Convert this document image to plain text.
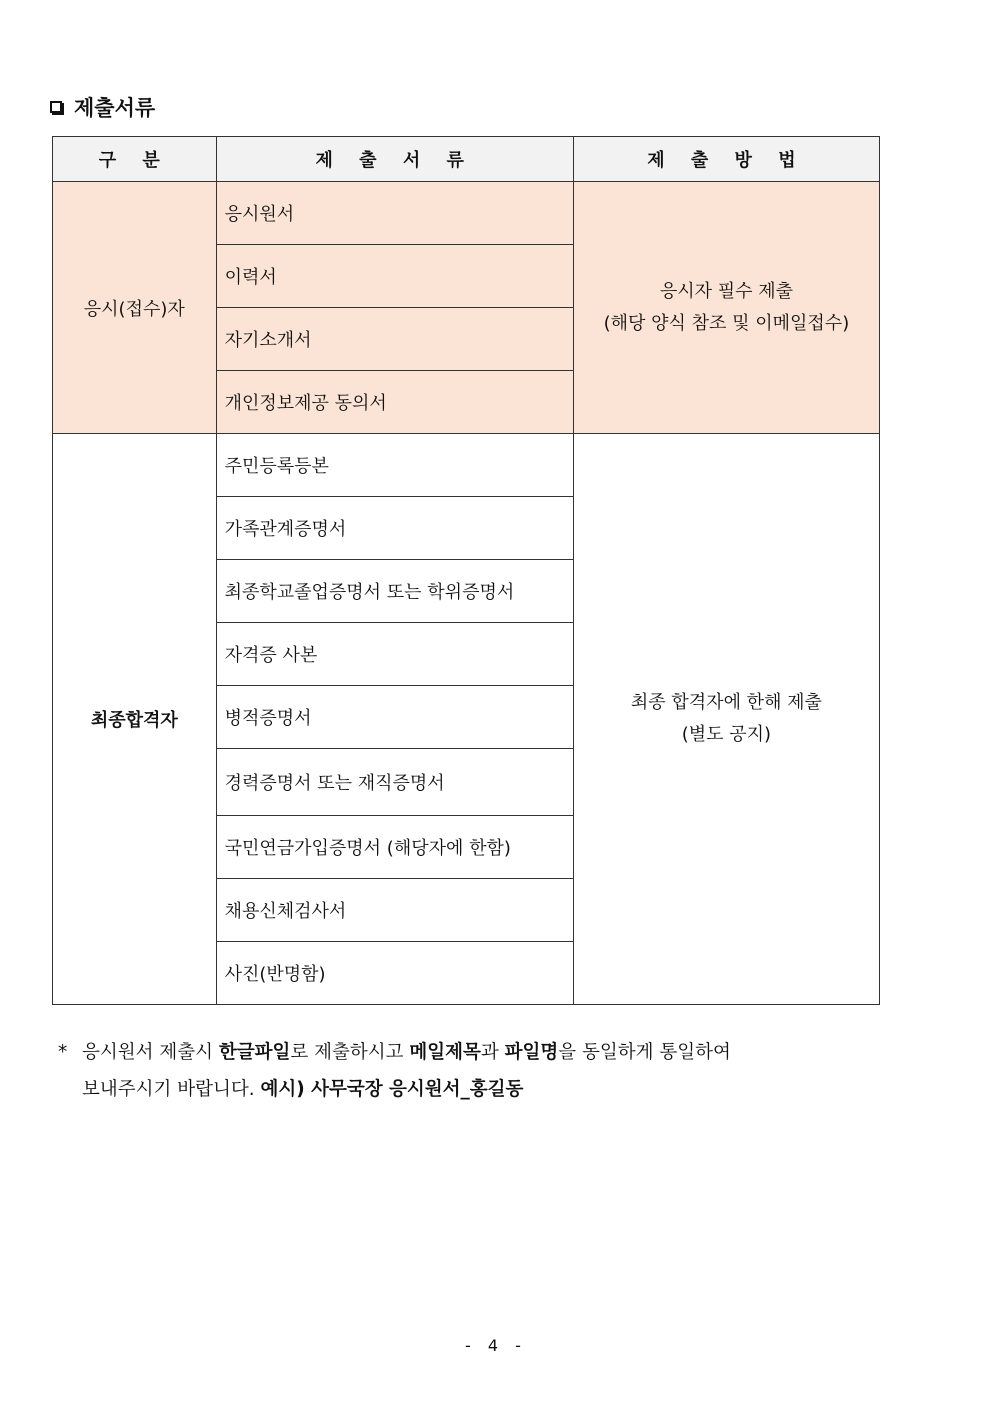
제출서류
구 분	제 출 서 류	제 출 방 법
응시(접수)자	응시원서	응시자 필수 제출
(해당 양식 참조 및 이메일접수)

	이력서	
	자기소개서	
	개인정보제공 동의서	
최종합격자	주민등록등본	최종 합격자에 한해 제출
(별도 공지)

	가족관계증명서	
	최종학교졸업증명서 또는 학위증명서	
	자격증 사본	
	병적증명서	
	경력증명서 또는 재직증명서	
	국민연금가입증명서 (해당자에 한함)	
	채용신체검사서	
	사진(반명함)	
* 응시원서 제출시 한글파일로 제출하시고 메일제목과 파일명을 동일하게 통일하여
보내주시기 바랍니다. 예시) 사무국장 응시원서_홍길동
- 4 -
